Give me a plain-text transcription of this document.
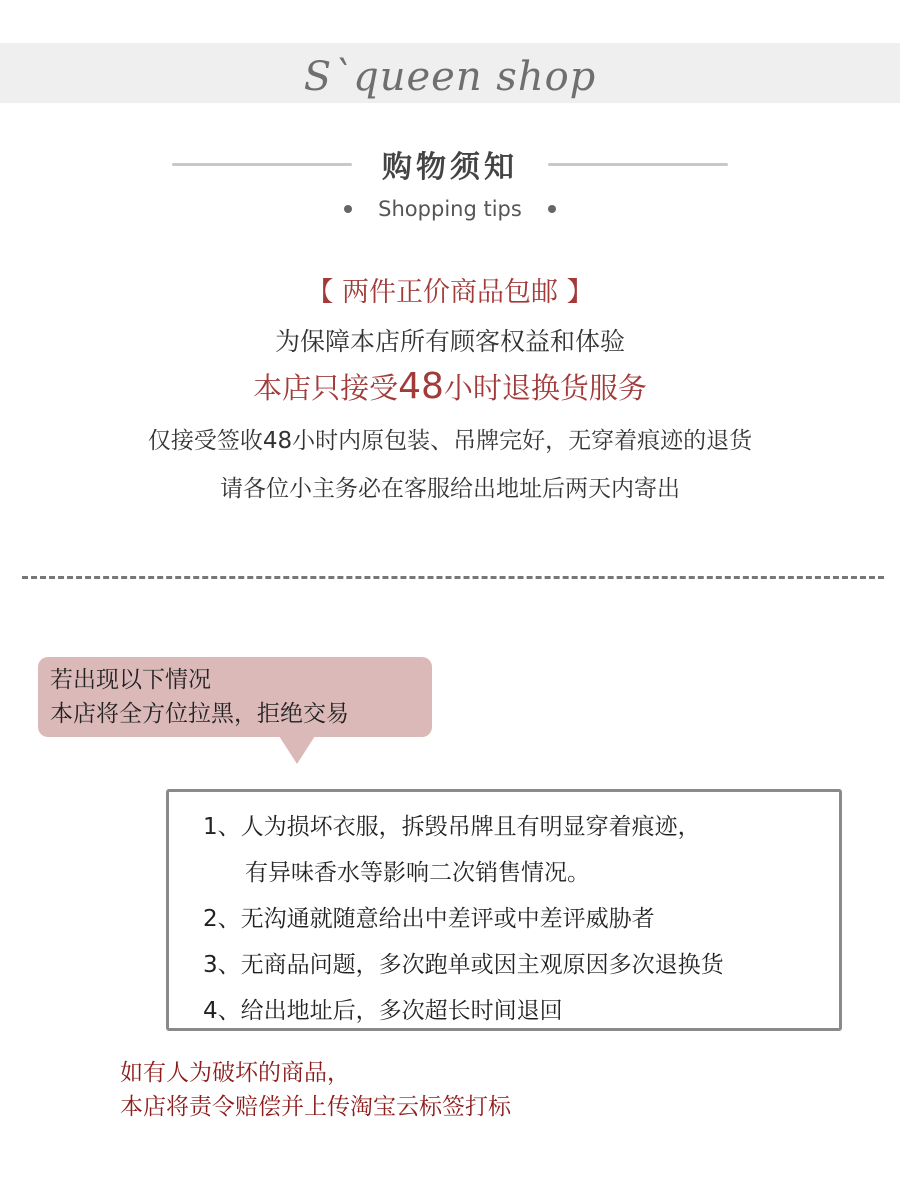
S`queen shop
购物须知
Shopping tips
【 两件正价商品包邮 】
为保障本店所有顾客权益和体验
本店只接受48小时退换货服务
仅接受签收48小时内原包装、吊牌完好，无穿着痕迹的退货
请各位小主务必在客服给出地址后两天内寄出
若出现以下情况
本店将全方位拉黑，拒绝交易
1、人为损坏衣服，拆毁吊牌且有明显穿着痕迹，
有异味香水等影响二次销售情况。
2、无沟通就随意给出中差评或中差评威胁者
3、无商品问题，多次跑单或因主观原因多次退换货
4、给出地址后，多次超长时间退回
如有人为破坏的商品，
本店将责令赔偿并上传淘宝云标签打标
